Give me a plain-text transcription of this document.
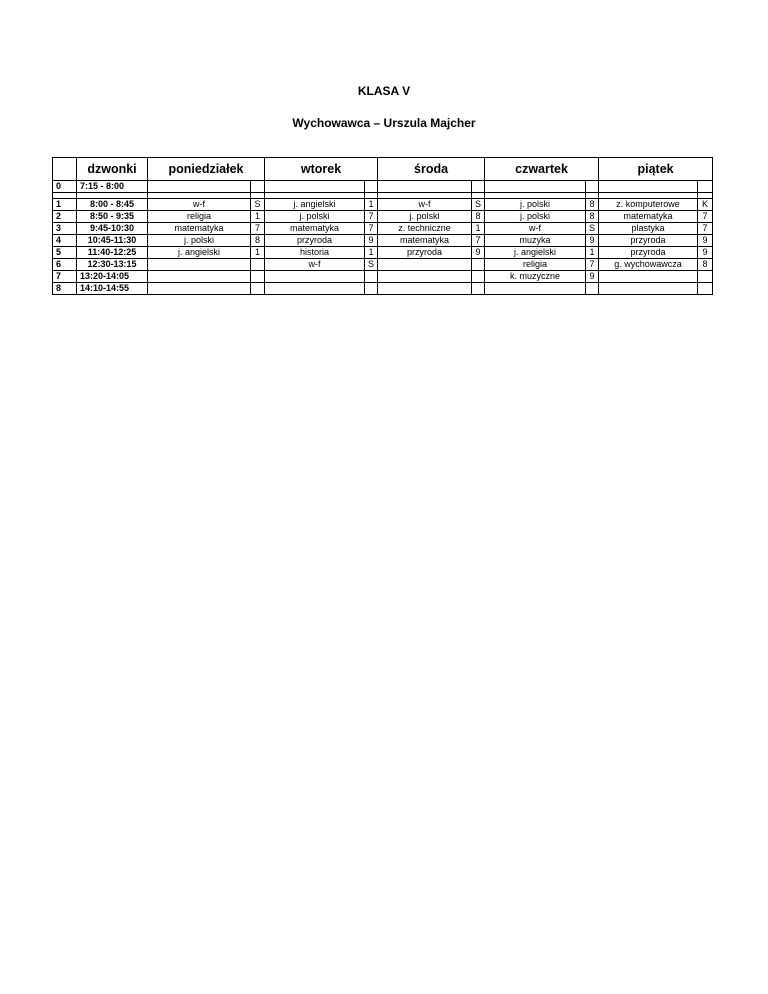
KLASA V
Wychowawca – Urszula Majcher
	dzwonki	poniedziałek		wtorek		środa		czwartek		piątek	
0	7:15 - 8:00										

1	8:00 - 8:45	w-f	S	j. angielski	1	w-f	S	j. polski	8	z. komputerowe	K
2	8:50 - 9:35	religia	1	j. polski	7	j. polski	8	j. polski	8	matematyka	7
3	9:45-10:30	matematyka	7	matematyka	7	z. techniczne	1	w-f	S	plastyka	7
4	10:45-11:30	j. polski	8	przyroda	9	matematyka	7	muzyka	9	przyroda	9
5	11:40-12:25	j. angielski	1	historia	1	przyroda	9	j. angielski	1	przyroda	9
6	12:30-13:15			w-f	S			religia	7	g. wychowawcza	8
7	13:20-14:05							k. muzyczne	9		
8	14:10-14:55										
